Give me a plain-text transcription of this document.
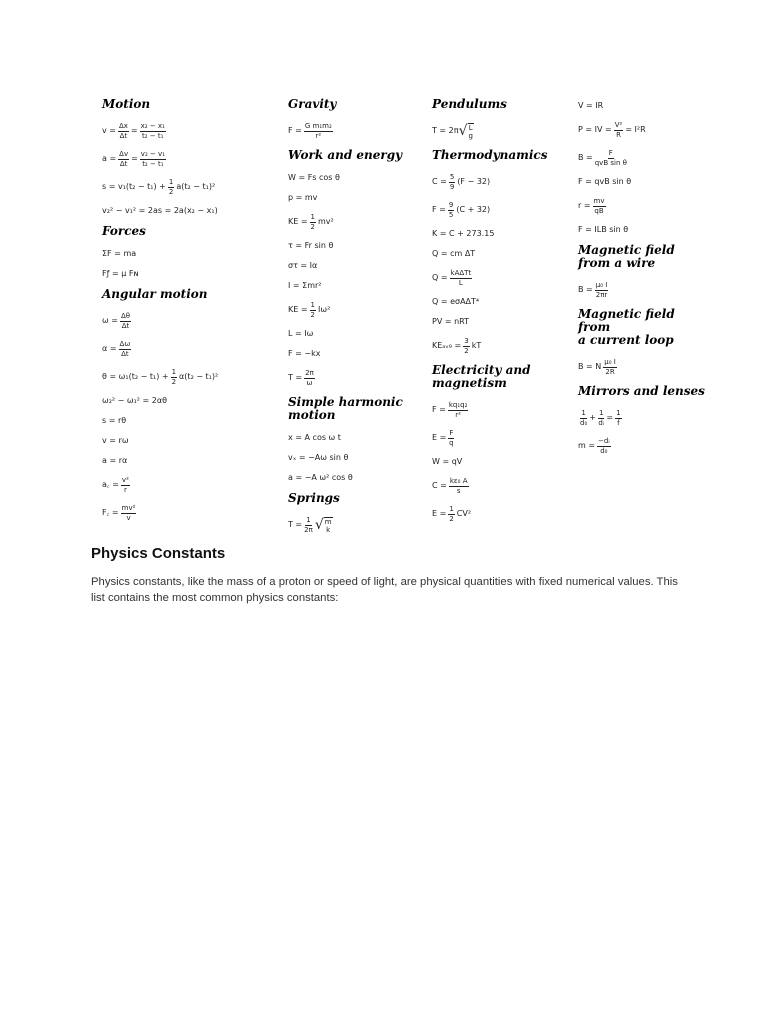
Motion
$v = \frac{\Delta x}{\Delta t} = \frac{\text{x₂ − x₁}}{\text{t₂ − t₁}}$
$a = \frac{\Delta v}{\Delta t} = \frac{\text{v₂ − v₁}}{\text{t₂ − t₁}}$
$s = v_1(t_2 - t_1) + \frac{1}{2} a(t_2 - t_1)^2$
v₂² − v₁² = 2as = 2a(x₂ − x₁)
Forces
ΣF = ma
Fƒ = μ Fɴ
Angular motion
$\omega = \frac{\Delta\theta}{\Delta t}$
$\alpha = \frac{\Delta\omega}{\Delta t}$
$\theta = \omega_1(t_2 - t_1) + \frac{1}{2} \alpha(t_2 - t_1)^2$
ω₂² − ω₁² = 2αθ
s = rθ
v = rω
a = rα
a꜀ = $\frac{\text{v²}}{r}$
F꜀ = $\frac{\text{mv²}}{v}$
Gravity
$F = \frac{\text{G m₁m₂}}{\text{r²}}$
Work and energy
W = Fs cos θ
p = mv
KE = $\frac{1}{2} mv^2$
τ = Fr sin θ
στ = Iα
I = Σmr²
KE = $\frac{1}{2} I\omega^2$
L = Iω
F = −kx
$T = \frac{2\pi}{\omega}$
Simple harmonic
motion
x = A cos ω t
vₓ = −Aω sin θ
a = −A ω² cos θ
Springs
$T = \frac{1}{2\pi}$ √ m
k
Pendulums
T = 2π √ L
g
Thermodynamics
$C = \frac{5}{9} (F - 32)$
$F = \frac{9}{5} (C + 32)$
K = C + 273.15
Q = cm ΔT
Q =
kAΔTt
L
Q = eσAΔT⁴
PV = nRT
KEₐᵥ₉ = $\frac{3}{2}$ kT
Electricity and
magnetism
$F = \frac{\text{kq₁q₂}}{\text{r²}}$
$E = \frac{F}{q}$
W = qV
$C = \frac{\text{kε₀ A}}{s}$
$E = \frac{1}{2} CV^2$
V = IR
P = IV = $\frac{\text{V²}}{R} = I^2R$
B =
F
qvB sin θ
F = qvB sin θ
$r = \frac{mv}{qB}$
F = ILB sin θ
Magnetic field
from a wire
$B = \frac{\text{μ₀ I}}{2\pi r}$
Magnetic field from
a current loop
B = N
μ₀ I
2R
Mirrors and lenses
1
d₀
+ $\frac{1}{\text{dᵢ}} = \frac{1}{f}$
$m = \frac{\text{−dᵢ}}{\text{d₀}}$
Physics Constants

Physics constants, like the mass of a proton or speed of light, are physical quantities with fixed numerical values. This list contains the most common physics constants:
